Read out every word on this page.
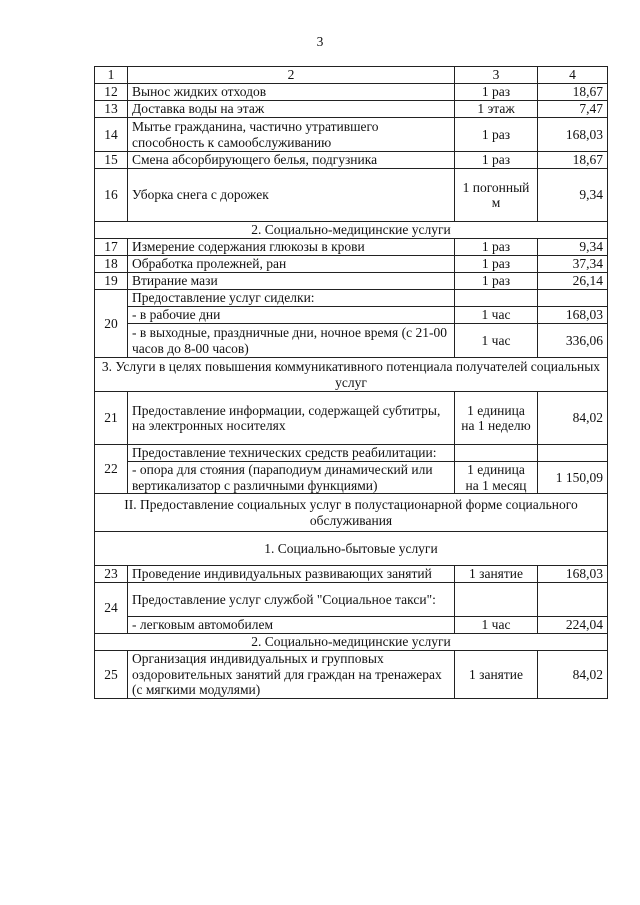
3
1	2	3	4
12	Вынос жидких отходов	1 раз	18,67
13	Доставка воды на этаж	1 этаж	7,47
14	Мытье гражданина, частично утратившего способность к самообслуживанию	1 раз	168,03
15	Смена абсорбирующего белья, подгузника	1 раз	18,67
16	Уборка снега с дорожек	1 погонный м	9,34
2. Социально-медицинские услуги			
17	Измерение содержания глюкозы в крови	1 раз	9,34
18	Обработка пролежней, ран	1 раз	37,34
19	Втирание мази	1 раз	26,14
20	Предоставление услуг сиделки:		
	- в рабочие дни	1 час	168,03
	- в выходные, праздничные дни, ночное время (с 21-00 часов до 8-00 часов)	1 час	336,06
3. Услуги в целях повышения коммуникативного потенциала получателей социальных услуг			
21	Предоставление информации, содержащей субтитры, на электронных носителях	1 единица на 1 неделю	84,02
22	Предоставление технических средств реабилитации:		
	- опора для стояния (параподиум динамический или вертикализатор с различными функциями)	1 единица на 1 месяц	1 150,09
II. Предоставление социальных услуг в полустационарной форме социального обслуживания			
1. Социально-бытовые услуги			
23	Проведение индивидуальных развивающих занятий	1 занятие	168,03
24	Предоставление услуг службой "Социальное такси":		
	- легковым автомобилем	1 час	224,04
2. Социально-медицинские услуги			
25	Организация индивидуальных и групповых оздоровительных занятий для граждан на тренажерах (с мягкими модулями)	1 занятие	84,02
